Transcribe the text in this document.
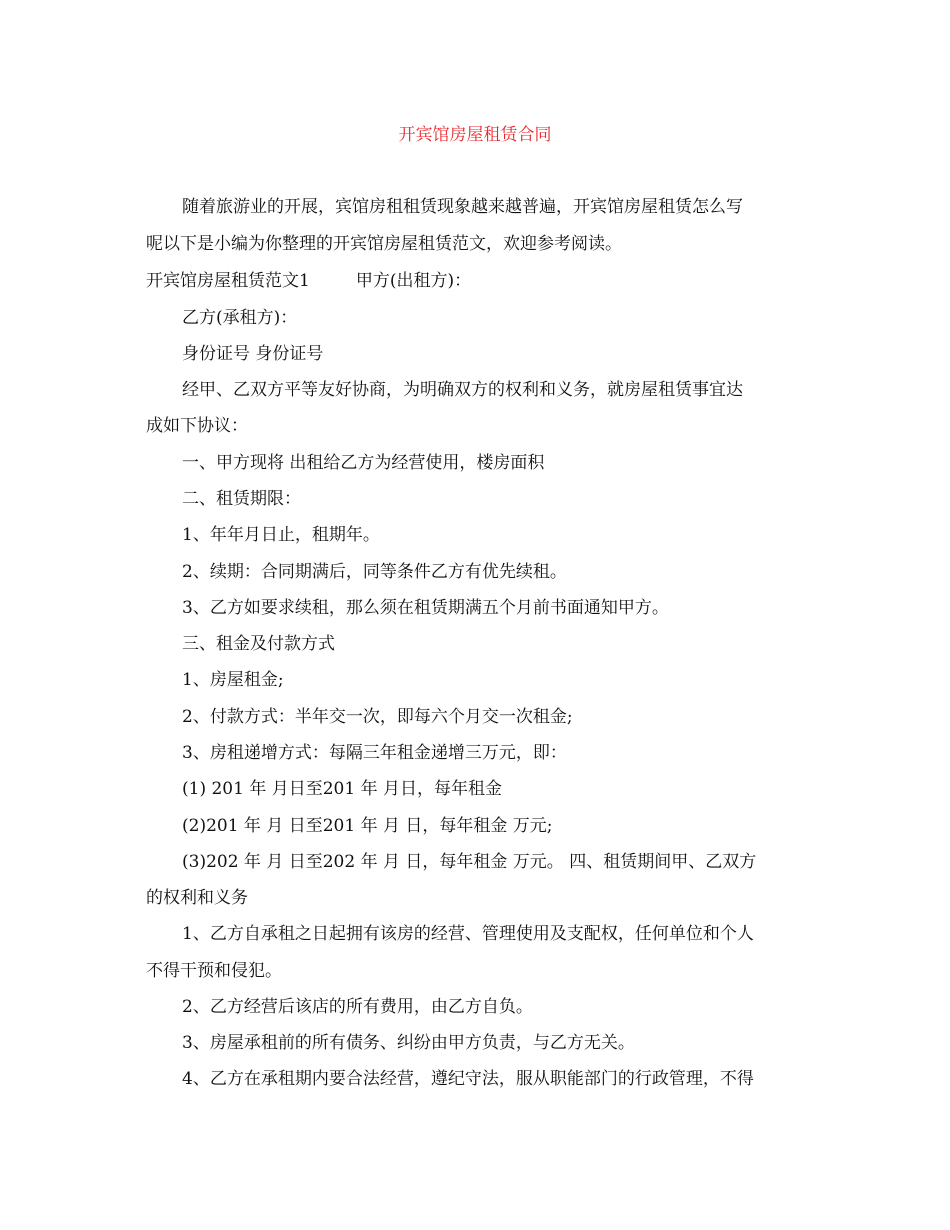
开宾馆房屋租赁合同
随着旅游业的开展，宾馆房租租赁现象越来越普遍，开宾馆房屋租赁怎么写
呢以下是小编为你整理的开宾馆房屋租赁范文，欢迎参考阅读。
开宾馆房屋租赁范文1	甲方(出租方)：
乙方(承租方)：
身份证号 身份证号
经甲、乙双方平等友好协商，为明确双方的权利和义务，就房屋租赁事宜达
成如下协议：
一、甲方现将 出租给乙方为经营使用，楼房面积
二、租赁期限：
1、年年月日止，租期年。
2、续期：合同期满后，同等条件乙方有优先续租。
3、乙方如要求续租，那么须在租赁期满五个月前书面通知甲方。
三、租金及付款方式
1、房屋租金;
2、付款方式：半年交一次，即每六个月交一次租金;
3、房租递增方式：每隔三年租金递增三万元，即：
(1) 201 年 月日至201 年 月日，每年租金
(2)201 年 月 日至201 年 月 日，每年租金 万元;
(3)202 年 月 日至202 年 月 日，每年租金 万元。 四、租赁期间甲、乙双方
的权利和义务
1、乙方自承租之日起拥有该房的经营、管理使用及支配权，任何单位和个人
不得干预和侵犯。
2、乙方经营后该店的所有费用，由乙方自负。
3、房屋承租前的所有债务、纠纷由甲方负责，与乙方无关。
4、乙方在承租期内要合法经营，遵纪守法，服从职能部门的行政管理，不得
